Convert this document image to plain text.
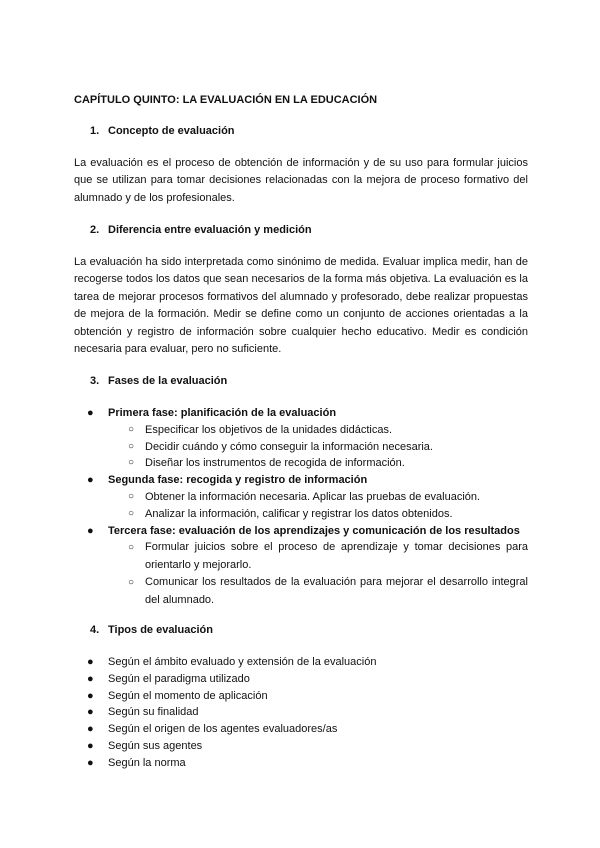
CAPÍTULO QUINTO: LA EVALUACIÓN EN LA EDUCACIÓN
1. Concepto de evaluación

La evaluación es el proceso de obtención de información y de su uso para formular juicios que se utilizan para tomar decisiones relacionadas con la mejora de proceso formativo del alumnado y de los profesionales.

2. Diferencia entre evaluación y medición

La evaluación ha sido interpretada como sinónimo de medida. Evaluar implica medir, han de recogerse todos los datos que sean necesarios de la forma más objetiva. La evaluación es la tarea de mejorar procesos formativos del alumnado y profesorado, debe realizar propuestas de mejora de la formación. Medir se define como un conjunto de acciones orientadas a la obtención y registro de información sobre cualquier hecho educativo. Medir es condición necesaria para evaluar, pero no suficiente.

3. Fases de la evaluación
● Primera fase: planificación de la evaluación
○ Especificar los objetivos de la unidades didácticas.
○ Decidir cuándo y cómo conseguir la información necesaria.
○ Diseñar los instrumentos de recogida de información.
● Segunda fase: recogida y registro de información
○ Obtener la información necesaria. Aplicar las pruebas de evaluación.
○ Analizar la información, calificar y registrar los datos obtenidos.
● Tercera fase: evaluación de los aprendizajes y comunicación de los resultados
○ Formular juicios sobre el proceso de aprendizaje y tomar decisiones para orientarlo y mejorarlo.
○ Comunicar los resultados de la evaluación para mejorar el desarrollo integral del alumnado.
4. Tipos de evaluación
● Según el ámbito evaluado y extensión de la evaluación
● Según el paradigma utilizado
● Según el momento de aplicación
● Según su finalidad
● Según el origen de los agentes evaluadores/as
● Según sus agentes
● Según la norma
